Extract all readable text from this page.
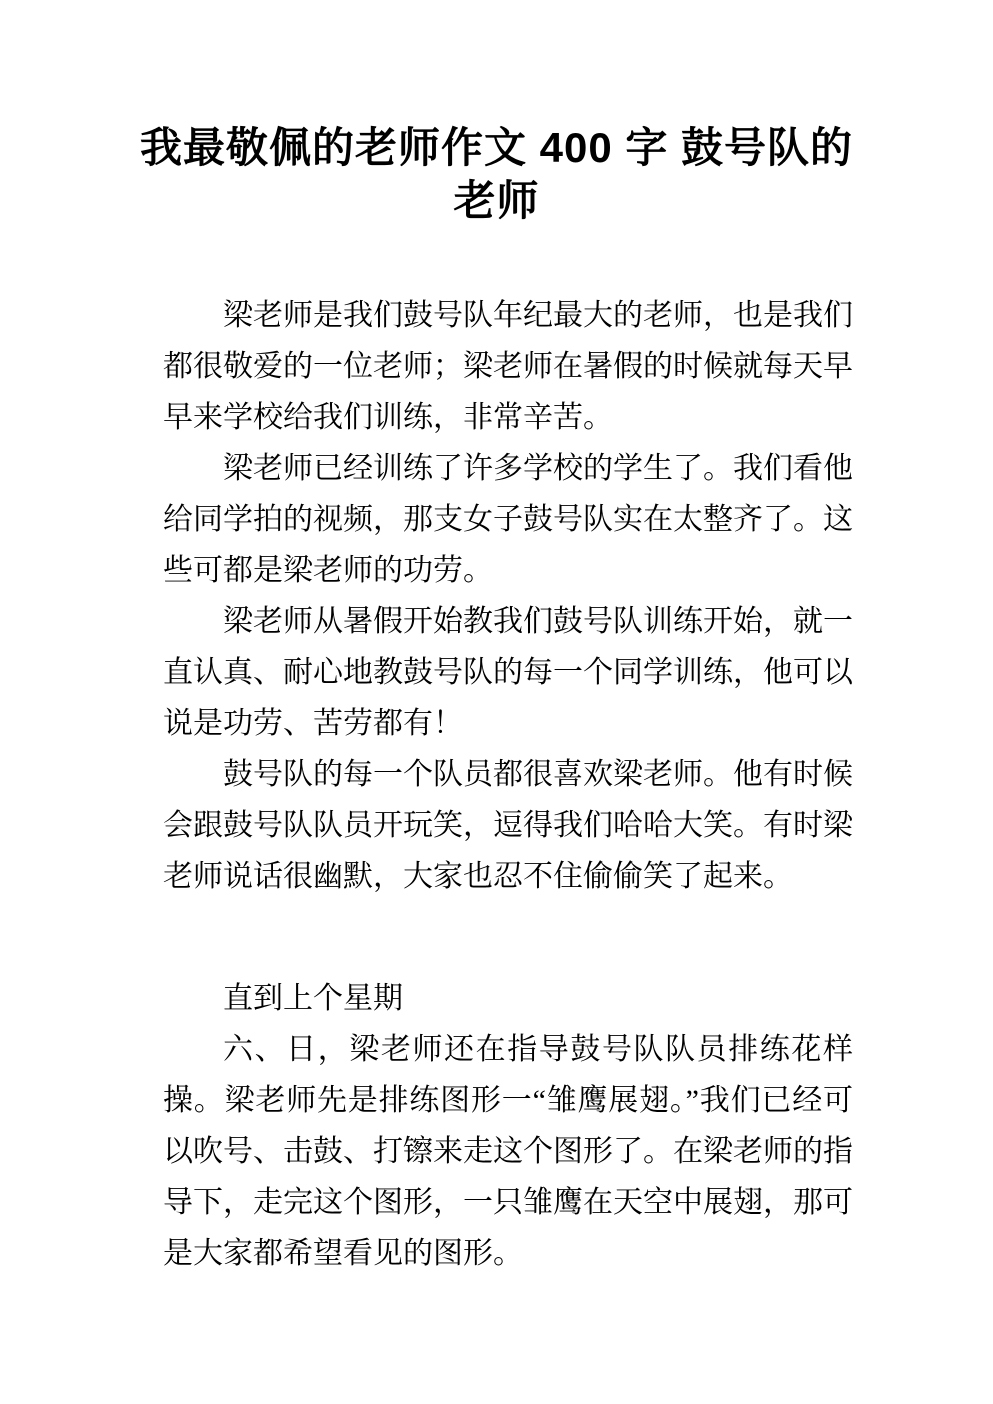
我最敬佩的老师作文 400 字 鼓号队的
老师

梁老师是我们鼓号队年纪最大的老师，也是我们都很敬爱的一位老师；梁老师在暑假的时候就每天早早来学校给我们训练，非常辛苦。

梁老师已经训练了许多学校的学生了。我们看他给同学拍的视频，那支女子鼓号队实在太整齐了。这些可都是梁老师的功劳。

梁老师从暑假开始教我们鼓号队训练开始，就一直认真、耐心地教鼓号队的每一个同学训练，他可以说是功劳、苦劳都有！

鼓号队的每一个队员都很喜欢梁老师。他有时候会跟鼓号队队员开玩笑，逗得我们哈哈大笑。有时梁老师说话很幽默，大家也忍不住偷偷笑了起来。

直到上个星期

六、日，梁老师还在指导鼓号队队员排练花样操。梁老师先是排练图形一“雏鹰展翅。”我们已经可以吹号、击鼓、打镲来走这个图形了。在梁老师的指导下，走完这个图形，一只雏鹰在天空中展翅，那可是大家都希望看见的图形。
